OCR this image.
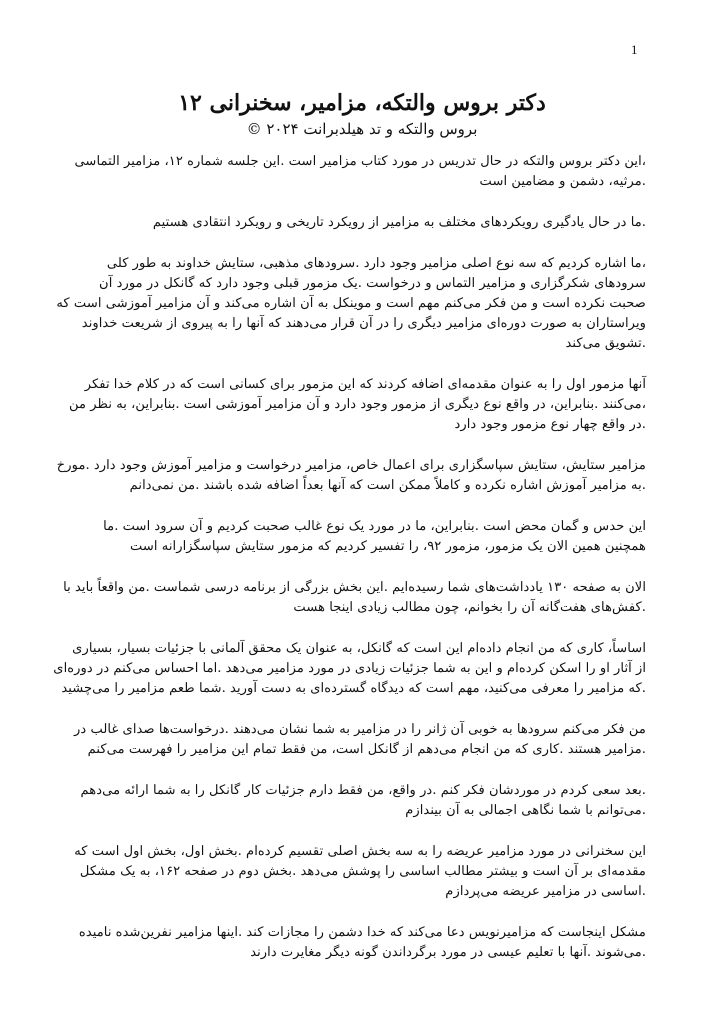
1
دکتر بروس والتکه، مزامیر، سخنرانی ۱۲
بروس والتکه و تد هیلدبرانت ۲۰۲۴ ©
،این دکتر بروس والتکه در حال تدریس در مورد کتاب مزامیر است .این جلسه شماره ۱۲، مزامیر التماسی
.مرثیه، دشمن و مضامین است
.ما در حال یادگیری رویکردهای مختلف به مزامیر از رویکرد تاریخی و رویکرد انتقادی هستیم
،ما اشاره کردیم که سه نوع اصلی مزامیر وجود دارد .سرودهای مذهبی، ستایش خداوند به طور کلی
سرودهای شکرگزاری و مزامیر التماس و درخواست .یک مزمور قبلی وجود دارد که گانکل در مورد آن
صحبت نکرده است و من فکر می‌کنم مهم است و موینکل به آن اشاره می‌کند و آن مزامیر آموزشی است که
ویراستاران به صورت دوره‌ای مزامیر دیگری را در آن قرار می‌دهند که آنها را به پیروی از شریعت خداوند
.تشویق می‌کند
آنها مزمور اول را به عنوان مقدمه‌ای اضافه کردند که این مزمور برای کسانی است که در کلام خدا تفکر
،می‌کنند .بنابراین، در واقع نوع دیگری از مزمور وجود دارد و آن مزامیر آموزشی است .بنابراین، به نظر من
.در واقع چهار نوع مزمور وجود دارد
مزامیر ستایش، ستایش سپاسگزاری برای اعمال خاص، مزامیر درخواست و مزامیر آموزش وجود دارد .مورخ
.به مزامیر آموزش اشاره نکرده و کاملاً ممکن است که آنها بعداً اضافه شده باشند .من نمی‌دانم
این حدس و گمان محض است .بنابراین، ما در مورد یک نوع غالب صحبت کردیم و آن سرود است .ما
همچنین همین الان یک مزمور، مزمور ۹۲، را تفسیر کردیم که مزمور ستایش سپاسگزارانه است
الان به صفحه ۱۳۰ یادداشت‌های شما رسیده‌ایم .این بخش بزرگی از برنامه درسی شماست .من واقعاً باید با
.کفش‌های هفت‌گانه آن را بخوانم، چون مطالب زیادی اینجا هست
اساساً، کاری که من انجام داده‌ام این است که گانکل، به عنوان یک محقق آلمانی با جزئیات بسیار، بسیاری
از آثار او را اسکن کرده‌ام و این به شما جزئیات زیادی در مورد مزامیر می‌دهد .اما احساس می‌کنم در دوره‌ای
.که مزامیر را معرفی می‌کنید، مهم است که دیدگاه گسترده‌ای به دست آورید .شما طعم مزامیر را می‌چشید
من فکر می‌کنم سرودها به خوبی آن ژانر را در مزامیر به شما نشان می‌دهند .درخواست‌ها صدای غالب در
.مزامیر هستند .کاری که من انجام می‌دهم از گانکل است، من فقط تمام این مزامیر را فهرست می‌کنم
.بعد سعی کردم در موردشان فکر کنم .در واقع، من فقط دارم جزئیات کار گانکل را به شما ارائه می‌دهم
.می‌توانم با شما نگاهی اجمالی به آن بیندازم
این سخنرانی در مورد مزامیر عریضه را به سه بخش اصلی تقسیم کرده‌ام .بخش اول، بخش اول است که
مقدمه‌ای بر آن است و بیشتر مطالب اساسی را پوشش می‌دهد .بخش دوم در صفحه ۱۶۲، به یک مشکل
.اساسی در مزامیر عریضه می‌پردازم
مشکل اینجاست که مزامیرنویس دعا می‌کند که خدا دشمن را مجازات کند .اینها مزامیر نفرین‌شده نامیده
.می‌شوند .آنها با تعلیم عیسی در مورد برگرداندن گونه دیگر مغایرت دارند
